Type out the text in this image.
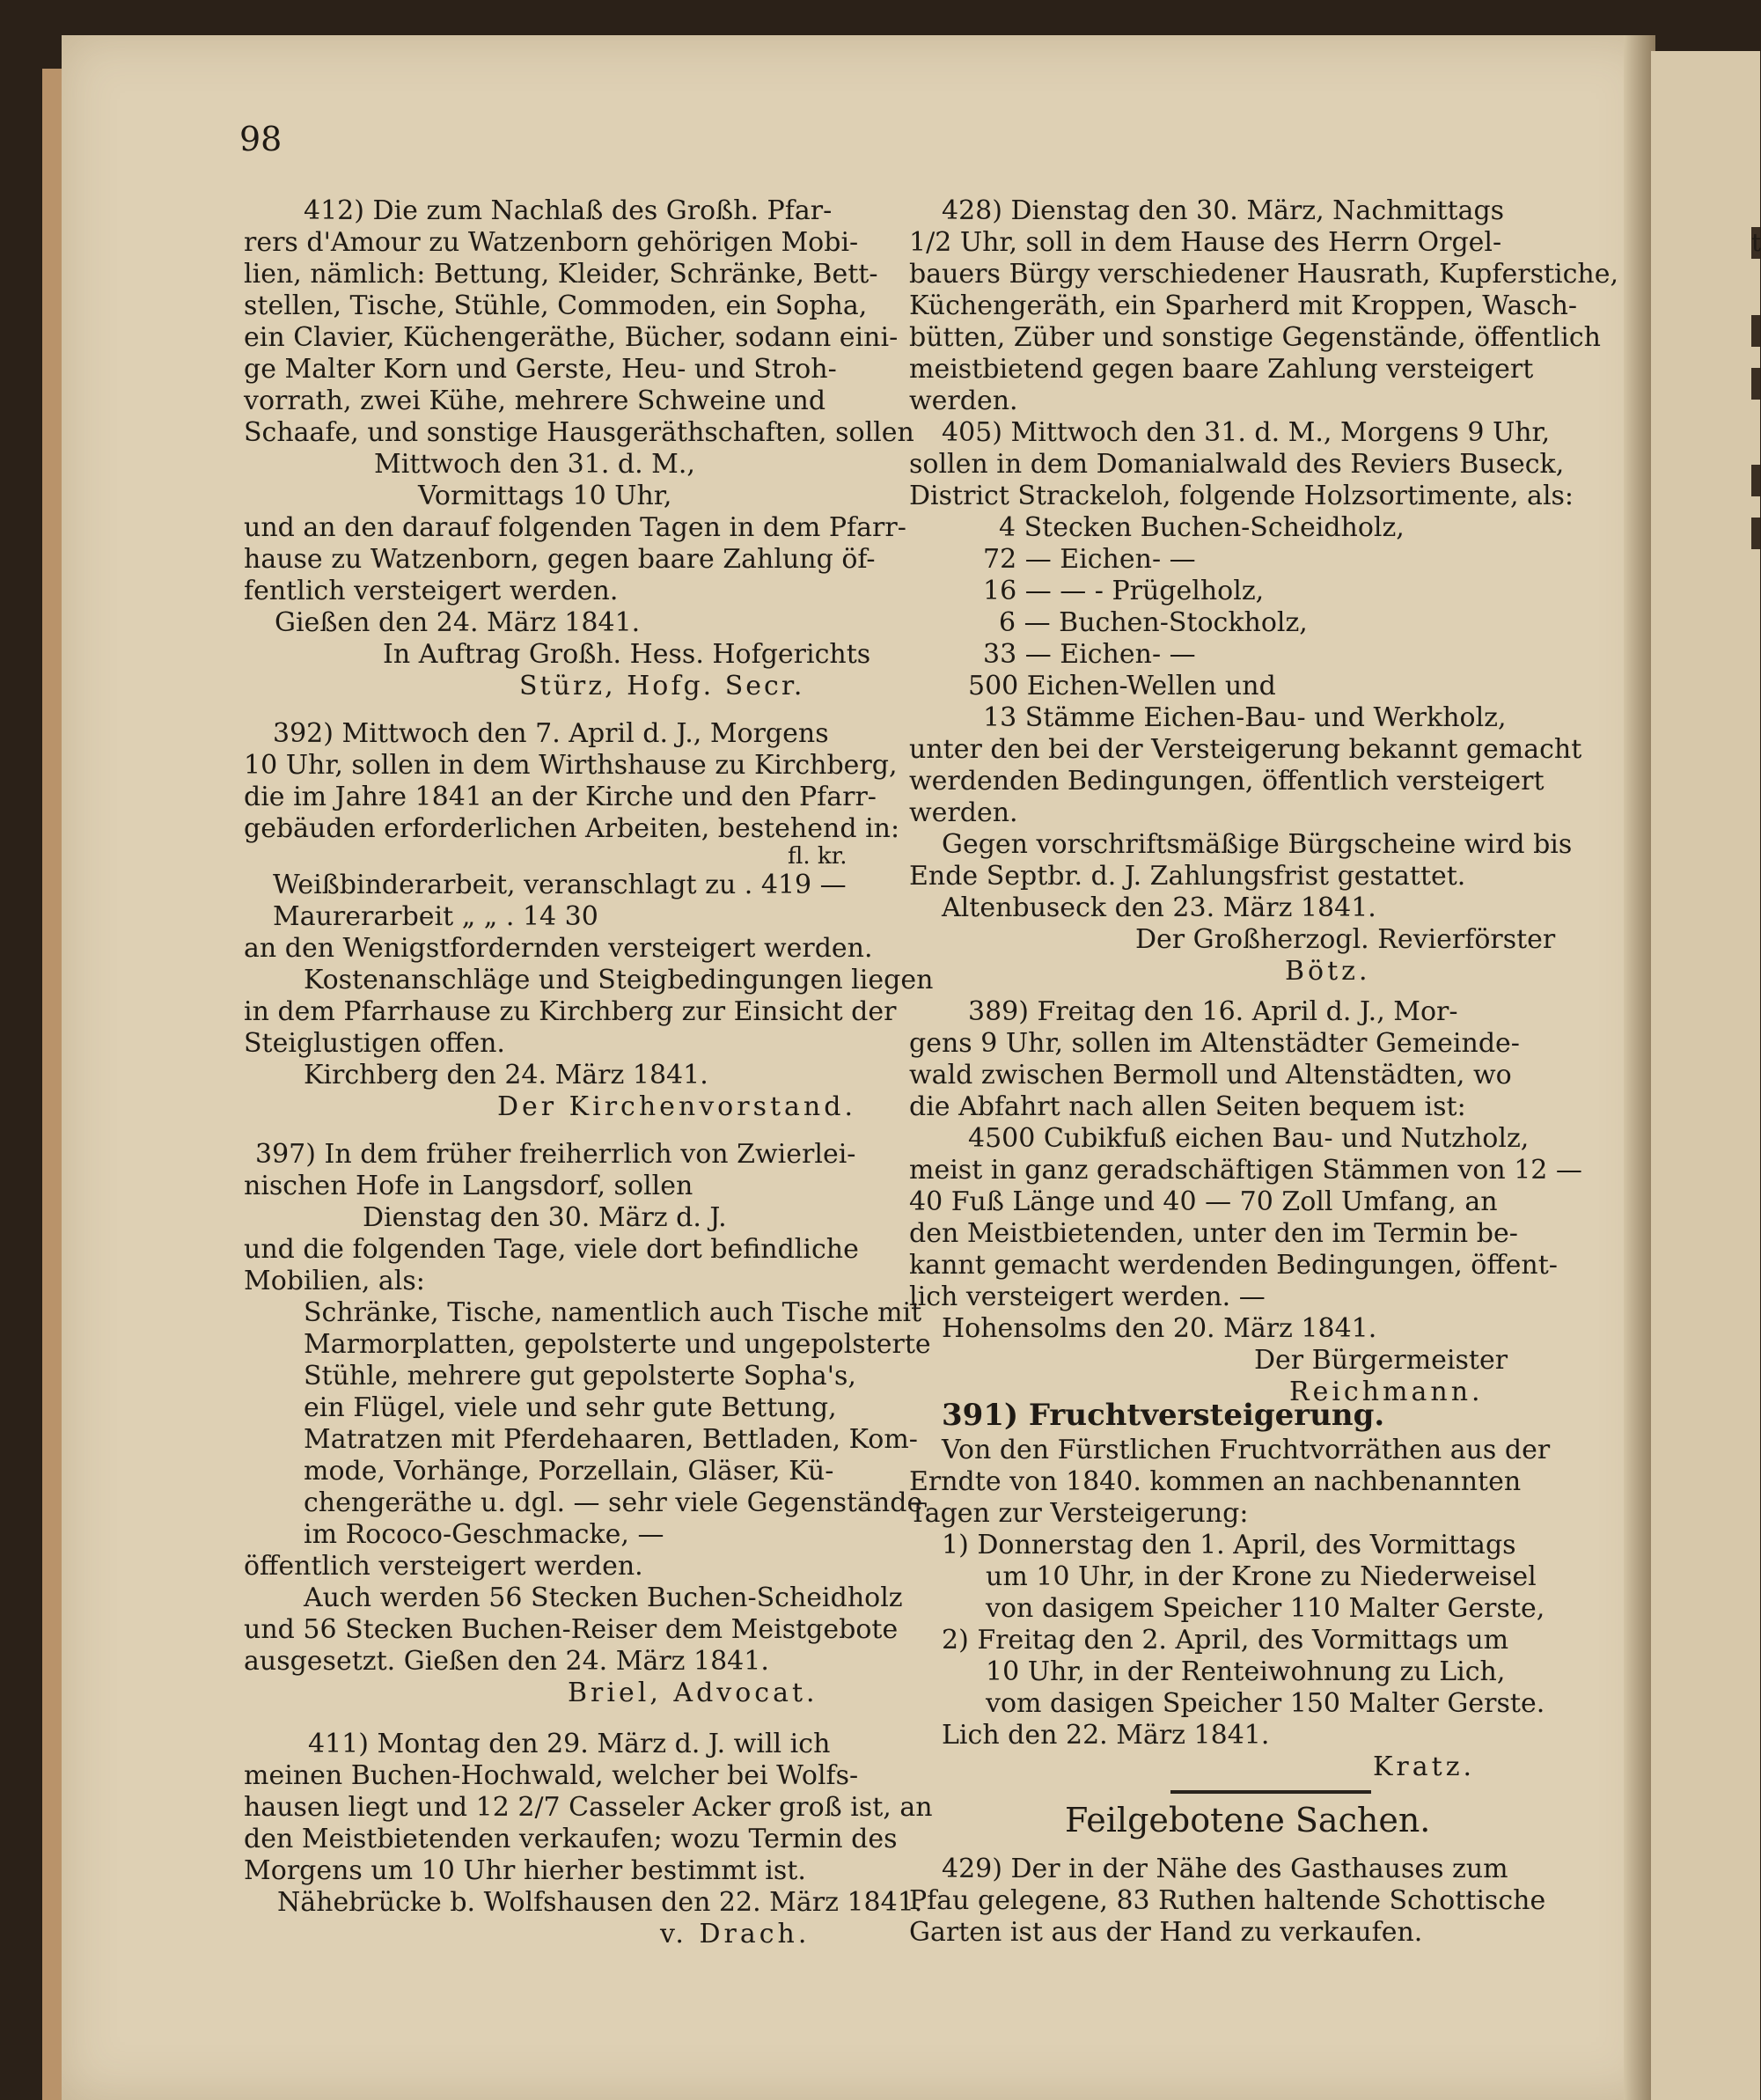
98
412) Die zum Nachlaß des Großh. Pfar-
rers d'Amour zu Watzenborn gehörigen Mobi-
lien, nämlich: Bettung, Kleider, Schränke, Bett-
stellen, Tische, Stühle, Commoden, ein Sopha,
ein Clavier, Küchengeräthe, Bücher, sodann eini-
ge Malter Korn und Gerste, Heu- und Stroh-
vorrath, zwei Kühe, mehrere Schweine und
Schaafe, und sonstige Hausgeräthschaften, sollen
Mittwoch den 31. d. M.,
Vormittags 10 Uhr,
und an den darauf folgenden Tagen in dem Pfarr-
hause zu Watzenborn, gegen baare Zahlung öf-
fentlich versteigert werden.
Gießen den 24. März 1841.
In Auftrag Großh. Hess. Hofgerichts
Stürz, Hofg. Secr.
392) Mittwoch den 7. April d. J., Morgens
10 Uhr, sollen in dem Wirthshause zu Kirchberg,
die im Jahre 1841 an der Kirche und den Pfarr-
gebäuden erforderlichen Arbeiten, bestehend in:
fl. kr.
Weißbinderarbeit, veranschlagt zu . 419 —
Maurerarbeit „ „ . 14 30
an den Wenigstfordernden versteigert werden.
Kostenanschläge und Steigbedingungen liegen
in dem Pfarrhause zu Kirchberg zur Einsicht der
Steiglustigen offen.
Kirchberg den 24. März 1841.
Der Kirchenvorstand.
397) In dem früher freiherrlich von Zwierlei-
nischen Hofe in Langsdorf, sollen
Dienstag den 30. März d. J.
und die folgenden Tage, viele dort befindliche
Mobilien, als:
Schränke, Tische, namentlich auch Tische mit
Marmorplatten, gepolsterte und ungepolsterte
Stühle, mehrere gut gepolsterte Sopha's,
ein Flügel, viele und sehr gute Bettung,
Matratzen mit Pferdehaaren, Bettladen, Kom-
mode, Vorhänge, Porzellain, Gläser, Kü-
chengeräthe u. dgl. — sehr viele Gegenstände
im Rococo-Geschmacke, —
öffentlich versteigert werden.
Auch werden 56 Stecken Buchen-Scheidholz
und 56 Stecken Buchen-Reiser dem Meistgebote
ausgesetzt. Gießen den 24. März 1841.
Briel, Advocat.
411) Montag den 29. März d. J. will ich
meinen Buchen-Hochwald, welcher bei Wolfs-
hausen liegt und 12 2/7 Casseler Acker groß ist, an
den Meistbietenden verkaufen; wozu Termin des
Morgens um 10 Uhr hierher bestimmt ist.
Nähebrücke b. Wolfshausen den 22. März 1841.
v. Drach.
428) Dienstag den 30. März, Nachmittags
1/2 Uhr, soll in dem Hause des Herrn Orgel-
bauers Bürgy verschiedener Hausrath, Kupferstiche,
Küchengeräth, ein Sparherd mit Kroppen, Wasch-
bütten, Züber und sonstige Gegenstände, öffentlich
meistbietend gegen baare Zahlung versteigert
werden.
405) Mittwoch den 31. d. M., Morgens 9 Uhr,
sollen in dem Domanialwald des Reviers Buseck,
District Strackeloh, folgende Holzsortimente, als:
4 Stecken Buchen-Scheidholz,
72 — Eichen- —
16 — — - Prügelholz,
6 — Buchen-Stockholz,
33 — Eichen- —
500 Eichen-Wellen und
13 Stämme Eichen-Bau- und Werkholz,
unter den bei der Versteigerung bekannt gemacht
werdenden Bedingungen, öffentlich versteigert
werden.
Gegen vorschriftsmäßige Bürgscheine wird bis
Ende Septbr. d. J. Zahlungsfrist gestattet.
Altenbuseck den 23. März 1841.
Der Großherzogl. Revierförster
Bötz.
389) Freitag den 16. April d. J., Mor-
gens 9 Uhr, sollen im Altenstädter Gemeinde-
wald zwischen Bermoll und Altenstädten, wo
die Abfahrt nach allen Seiten bequem ist:
4500 Cubikfuß eichen Bau- und Nutzholz,
meist in ganz geradschäftigen Stämmen von 12 —
40 Fuß Länge und 40 — 70 Zoll Umfang, an
den Meistbietenden, unter den im Termin be-
kannt gemacht werdenden Bedingungen, öffent-
lich versteigert werden. —
Hohensolms den 20. März 1841.
Der Bürgermeister
Reichmann.
391) Fruchtversteigerung.
Von den Fürstlichen Fruchtvorräthen aus der
Erndte von 1840. kommen an nachbenannten
Tagen zur Versteigerung:
1) Donnerstag den 1. April, des Vormittags
um 10 Uhr, in der Krone zu Niederweisel
von dasigem Speicher 110 Malter Gerste,
2) Freitag den 2. April, des Vormittags um
10 Uhr, in der Renteiwohnung zu Lich,
vom dasigen Speicher 150 Malter Gerste.
Lich den 22. März 1841.
Kratz.
Feilgebotene Sachen.
429) Der in der Nähe des Gasthauses zum
Pfau gelegene, 83 Ruthen haltende Schottische
Garten ist aus der Hand zu verkaufen.
t
